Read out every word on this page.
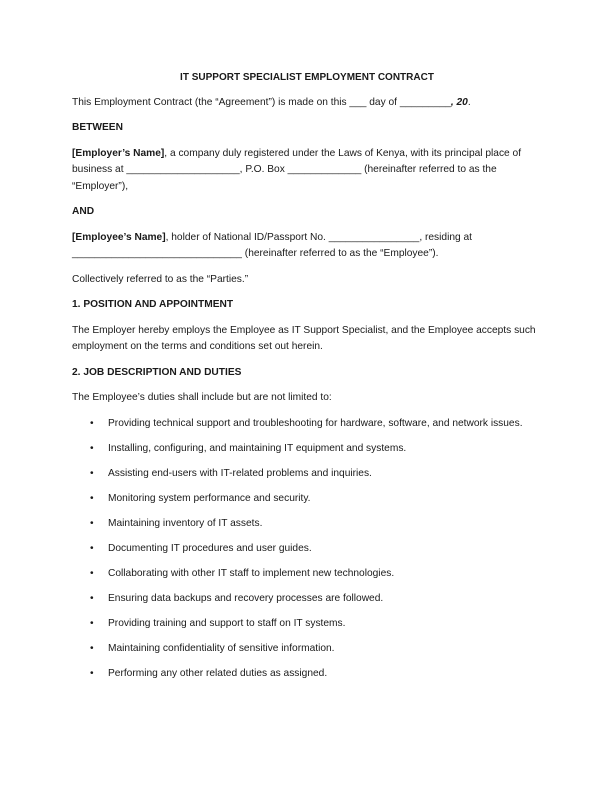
IT SUPPORT SPECIALIST EMPLOYMENT CONTRACT

This Employment Contract (the “Agreement”) is made on this ___ day of _________, 20.

BETWEEN

[Employer’s Name], a company duly registered under the Laws of Kenya, with its principal place of business at ____________________, P.O. Box _____________ (hereinafter referred to as the “Employer”),

AND

[Employee’s Name], holder of National ID/Passport No. ________________, residing at ______________________________ (hereinafter referred to as the “Employee”).

Collectively referred to as the “Parties.”

1. POSITION AND APPOINTMENT

The Employer hereby employs the Employee as IT Support Specialist, and the Employee accepts such employment on the terms and conditions set out herein.

2. JOB DESCRIPTION AND DUTIES

The Employee’s duties shall include but are not limited to:

• Providing technical support and troubleshooting for hardware, software, and network issues.
• Installing, configuring, and maintaining IT equipment and systems.
• Assisting end-users with IT-related problems and inquiries.
• Monitoring system performance and security.
• Maintaining inventory of IT assets.
• Documenting IT procedures and user guides.
• Collaborating with other IT staff to implement new technologies.
• Ensuring data backups and recovery processes are followed.
• Providing training and support to staff on IT systems.
• Maintaining confidentiality of sensitive information.
• Performing any other related duties as assigned.
